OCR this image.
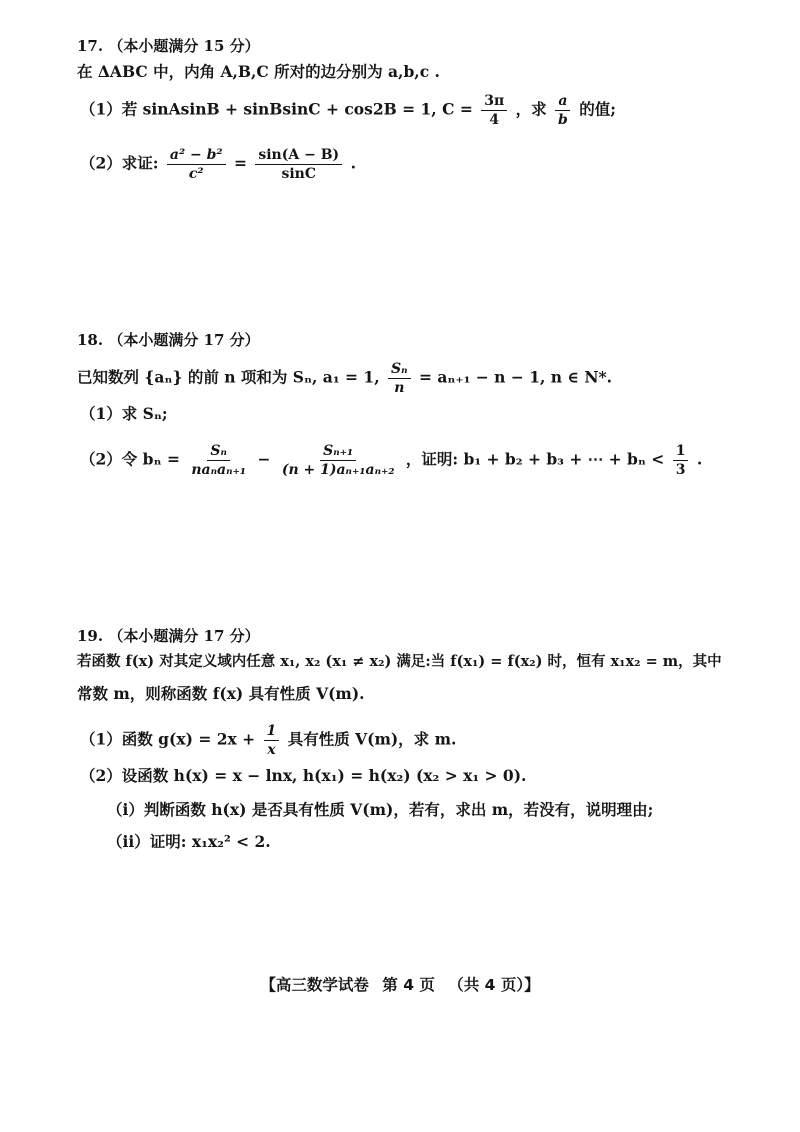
17. （本小题满分 15 分）
在 ΔABC 中，内角 A,B,C 所对的边分别为 a,b,c .
（1）若 sinAsinB + sinBsinC + cos2B = 1, $C = \frac{3\pi}{4}$ ，求 $\frac{a}{b}$ 的值;
（2）求证: $\frac{\text{a² − b²}}{\text{c²}} = \frac{\sin(A - B)}{\sin C}$ .
18. （本小题满分 17 分）
已知数列 {aₙ} 的前 n 项和为 Sₙ, a₁ = 1, $\frac{\text{Sₙ}}{n} = a_{n+1} - n - 1$, n ∈ N*.
（1）求 Sₙ;
（2）令 $b_n = \frac{\text{Sₙ}}{\text{naₙaₙ₊₁}} - \frac{\text{Sₙ₊₁}}{\text{(n + 1)aₙ₊₁aₙ₊₂}}$ ，证明: b₁ + b₂ + b₃ + ⋯ + $b_n < \frac{1}{3}$ .
19. （本小题满分 17 分）
若函数 f(x) 对其定义域内任意 x₁, x₂ (x₁ ≠ x₂) 满足:当 f(x₁) = f(x₂) 时，恒有 x₁x₂ = m，其中
常数 m，则称函数 f(x) 具有性质 V(m).
（1）函数 $g(x) = 2x + \frac{1}{x}$ 具有性质 V(m)，求 m.
（2）设函数 h(x) = x − lnx, h(x₁) = h(x₂) (x₂ > x₁ > 0).
（i）判断函数 h(x) 是否具有性质 V(m)，若有，求出 m，若没有，说明理由;
（ii）证明: x₁x₂² < 2.
【高三数学试卷 第 4 页 （共 4 页）】
